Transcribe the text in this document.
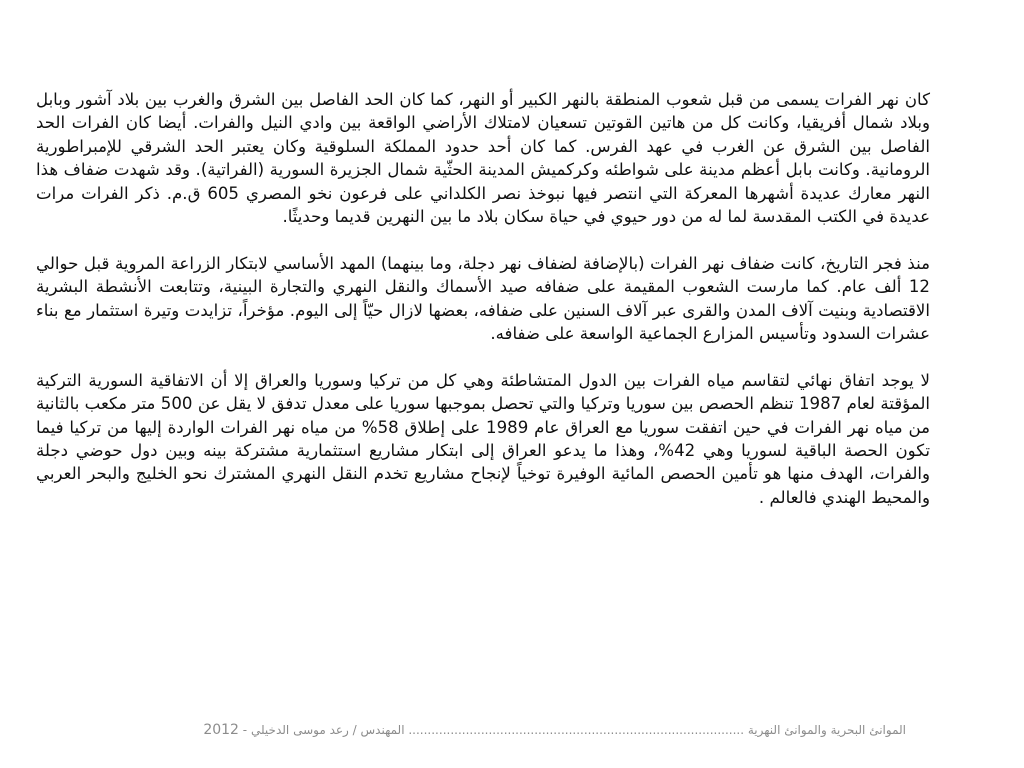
كان نهر الفرات يسمى من قبل شعوب المنطقة بالنهر الكبير أو النهر، كما كان الحد الفاصل بين الشرق والغرب بين بلاد آشور وبابل وبلاد شمال أفريقيا، وكانت كل من هاتين القوتين تسعيان لامتلاك الأراضي الواقعة بين وادي النيل والفرات. أيضا كان الفرات الحد الفاصل بين الشرق عن الغرب في عهد الفرس. كما كان أحد حدود المملكة السلوقية وكان يعتبر الحد الشرقي للإمبراطورية الرومانية. وكانت بابل أعظم مدينة على شواطئه وكركميش المدينة الحثّية شمال الجزيرة السورية (الفراتية). وقد شهدت ضفاف هذا النهر معارك عديدة أشهرها المعركة التي انتصر فيها نبوخذ نصر الكلداني على فرعون نخو المصري 605 ق.م. ذكر الفرات مرات عديدة في الكتب المقدسة لما له من دور حيوي في حياة سكان بلاد ما بين النهرين قديما وحديثًا.

منذ فجر التاريخ، كانت ضفاف نهر الفرات (بالإضافة لضفاف نهر دجلة، وما بينهما) المهد الأساسي لابتكار الزراعة المروية قبل حوالي 12 ألف عام. كما مارست الشعوب المقيمة على ضفافه صيد الأسماك والنقل النهري والتجارة البينية، وتتابعت الأنشطة البشرية الاقتصادية وبنيت آلاف المدن والقرى عبر آلاف السنين على ضفافه، بعضها لازال حيّاً إلى اليوم. مؤخراً، تزايدت وتيرة استثمار مع بناء عشرات السدود وتأسيس المزارع الجماعية الواسعة على ضفافه.

لا يوجد اتفاق نهائي لتقاسم مياه الفرات بين الدول المتشاطئة وهي كل من تركيا وسوريا والعراق إلا أن الاتفاقية السورية التركية المؤقتة لعام 1987 تنظم الحصص بين سوريا وتركيا والتي تحصل بموجبها سوريا على معدل تدفق لا يقل عن 500 متر مكعب بالثانية من مياه نهر الفرات في حين اتفقت سوريا مع العراق عام 1989 على إطلاق 58% من مياه نهر الفرات الواردة إليها من تركيا فيما تكون الحصة الباقية لسوريا وهي 42%، وهذا ما يدعو العراق إلى ابتكار مشاريع استثمارية مشتركة بينه وبين دول حوضي دجلة والفرات، الهدف منها هو تأمين الحصص المائية الوفيرة توخياً لإنجاح مشاريع تخدم النقل النهري المشترك نحو الخليج والبحر العربي والمحيط الهندي فالعالم .

الموانئ البحرية والموانئ النهرية ........................................................................................ المهندس / رعد موسى الدخيلي - 2012
